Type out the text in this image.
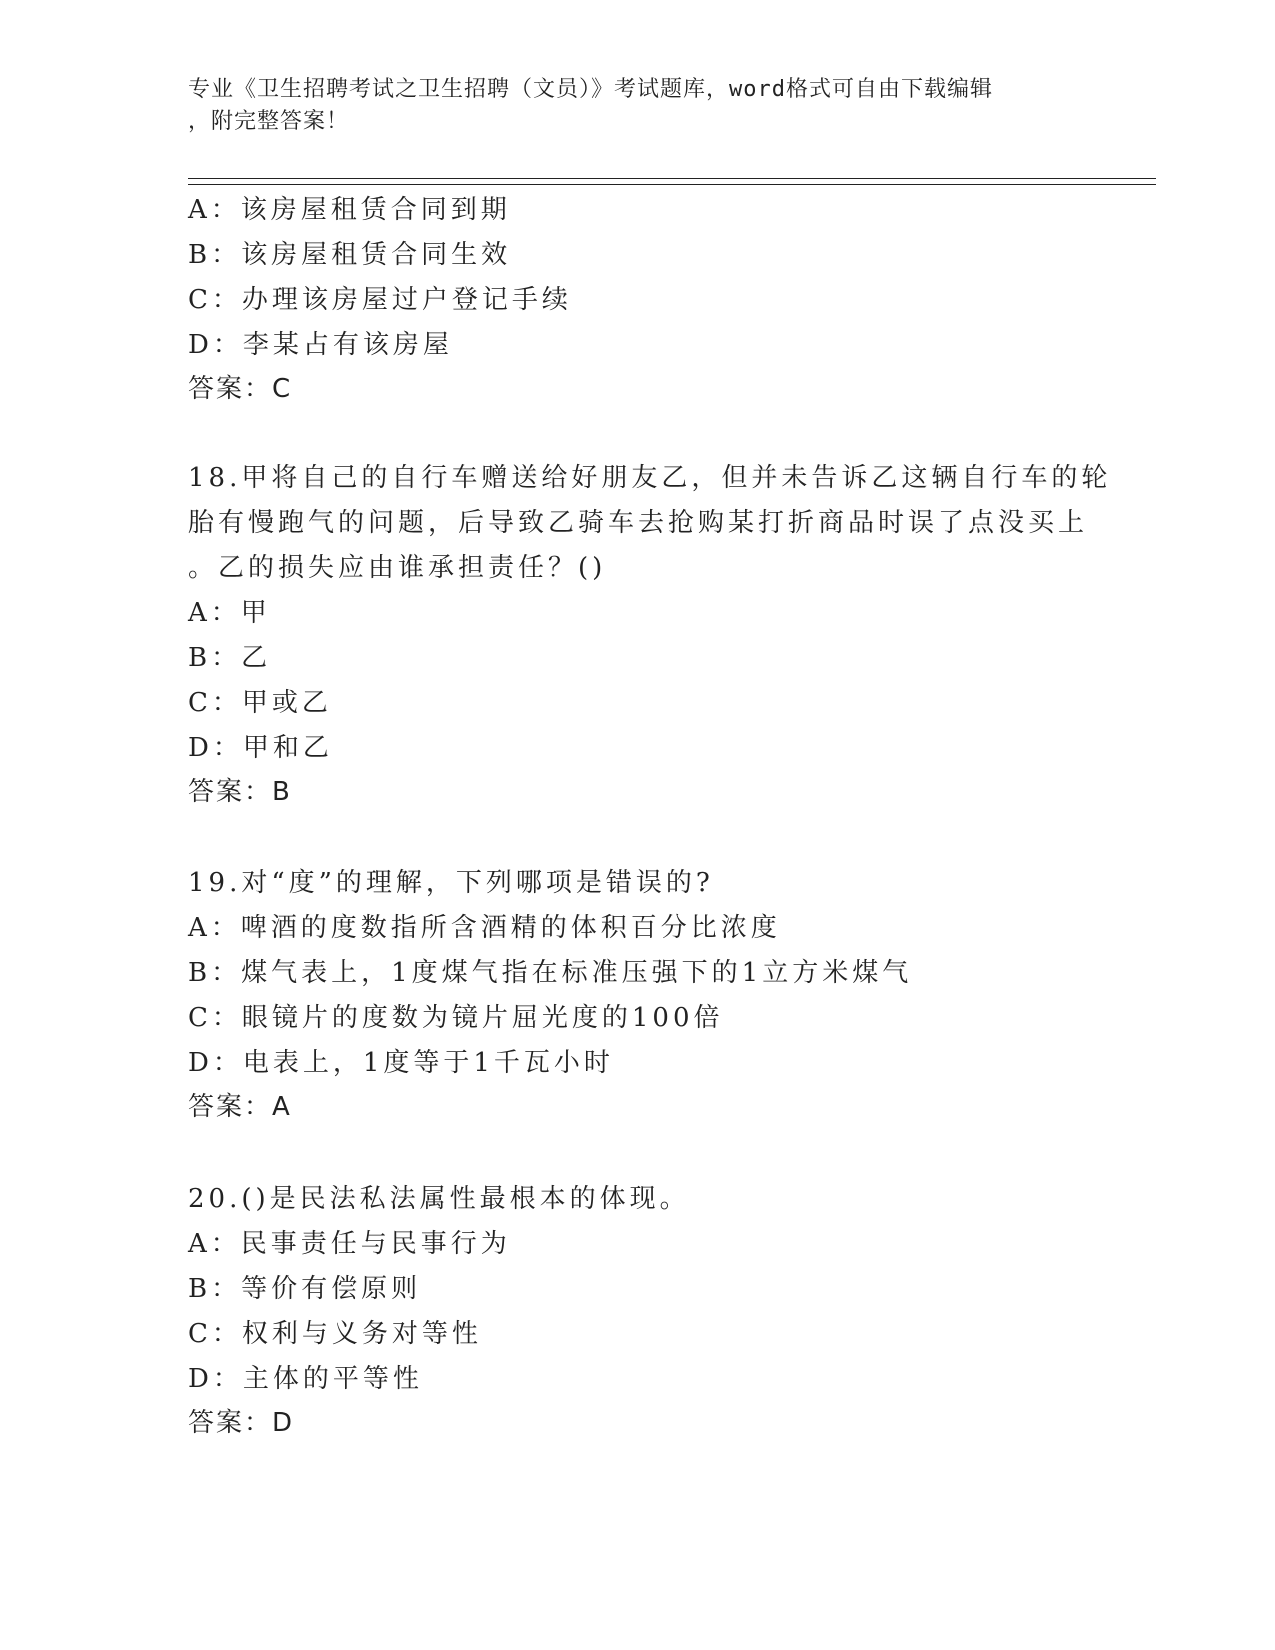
专业《卫生招聘考试之卫生招聘（文员）》考试题库，word格式可自由下载编辑
，附完整答案！
A：该房屋租赁合同到期
B：该房屋租赁合同生效
C：办理该房屋过户登记手续
D：李某占有该房屋
答案：C
18.甲将自己的自行车赠送给好朋友乙，但并未告诉乙这辆自行车的轮
胎有慢跑气的问题，后导致乙骑车去抢购某打折商品时误了点没买上
。乙的损失应由谁承担责任？()
A：甲
B：乙
C：甲或乙
D：甲和乙
答案：B
19.对“度”的理解，下列哪项是错误的?
A：啤酒的度数指所含酒精的体积百分比浓度
B：煤气表上，1度煤气指在标准压强下的1立方米煤气
C：眼镜片的度数为镜片屈光度的100倍
D：电表上，1度等于1千瓦小时
答案：A
20.()是民法私法属性最根本的体现。
A：民事责任与民事行为
B：等价有偿原则
C：权利与义务对等性
D：主体的平等性
答案：D
